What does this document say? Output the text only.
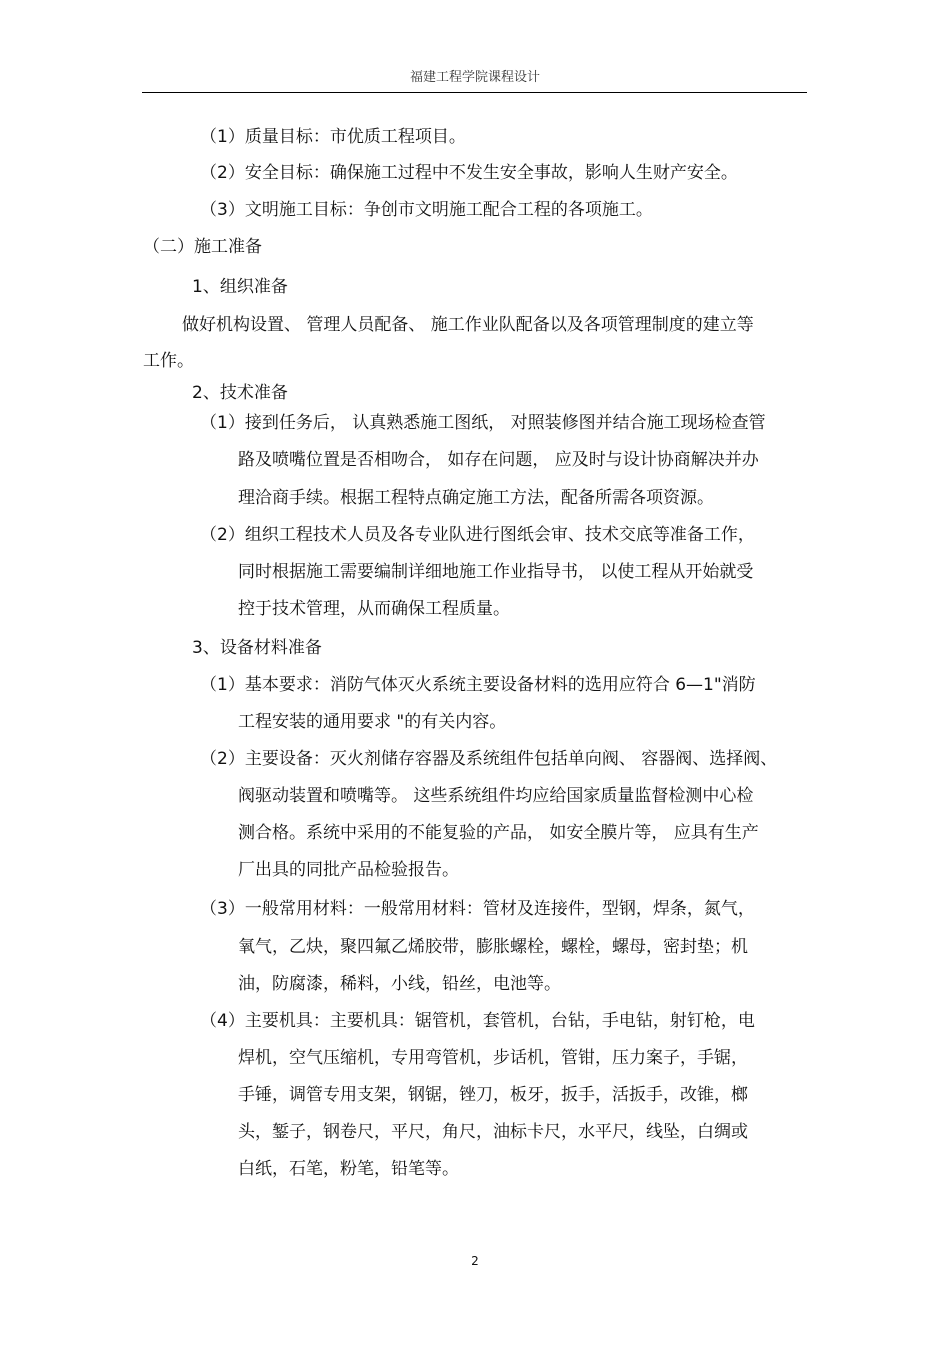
福建工程学院课程设计
（1）质量目标：市优质工程项目。
（2）安全目标：确保施工过程中不发生安全事故，影响人生财产安全。
（3）文明施工目标：争创市文明施工配合工程的各项施工。
（二）施工准备
1、组织准备
做好机构设置、 管理人员配备、 施工作业队配备以及各项管理制度的建立等
工作。
2、技术准备
（1）接到任务后， 认真熟悉施工图纸， 对照装修图并结合施工现场检查管
路及喷嘴位置是否相吻合， 如存在问题， 应及时与设计协商解决并办
理洽商手续。根据工程特点确定施工方法，配备所需各项资源。
（2）组织工程技术人员及各专业队进行图纸会审、技术交底等准备工作，
同时根据施工需要编制详细地施工作业指导书， 以使工程从开始就受
控于技术管理，从而确保工程质量。
3、设备材料准备
（1）基本要求：消防气体灭火系统主要设备材料的选用应符合 6—1"消防
工程安装的通用要求 "的有关内容。
（2）主要设备：灭火剂储存容器及系统组件包括单向阀、 容器阀、选择阀、
阀驱动装置和喷嘴等。 这些系统组件均应给国家质量监督检测中心检
测合格。系统中采用的不能复验的产品， 如安全膜片等， 应具有生产
厂出具的同批产品检验报告。
（3）一般常用材料：一般常用材料：管材及连接件，型钢，焊条，氮气，
氧气，乙炔，聚四氟乙烯胶带，膨胀螺栓，螺栓，螺母，密封垫；机
油，防腐漆，稀料，小线，铅丝，电池等。
（4）主要机具：主要机具：锯管机，套管机，台钻，手电钻，射钉枪，电
焊机，空气压缩机，专用弯管机，步话机，管钳，压力案子，手锯，
手锤，调管专用支架，钢锯，锉刀，板牙，扳手，活扳手，改锥，榔
头，錾子，钢卷尺，平尺，角尺，油标卡尺，水平尺，线坠，白绸或
白纸，石笔，粉笔，铅笔等。
2
